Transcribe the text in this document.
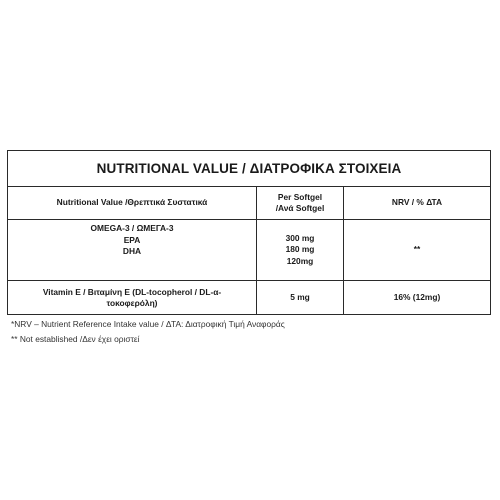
NUTRITIONAL VALUE / ΔΙΑΤΡΟΦΙΚΑ ΣΤΟΙΧΕΙΑ
Nutritional Value /Θρεπτικά Συστατικά
Per Softgel
/Ανά Softgel
NRV / % ΔΤΑ
OMEGA-3 / ΩΜΕΓΑ-3
EPA
DHA
300 mg
180 mg
120mg
**
Vitamin E / Βιταμίνη Ε (DL-tocopherol / DL-α-
τοκοφερόλη)
5 mg	16% (12mg)
*NRV – Nutrient Reference Intake value / ΔΤΑ: Διατροφική Τιμή Αναφοράς
** Not established /Δεν έχει οριστεί
